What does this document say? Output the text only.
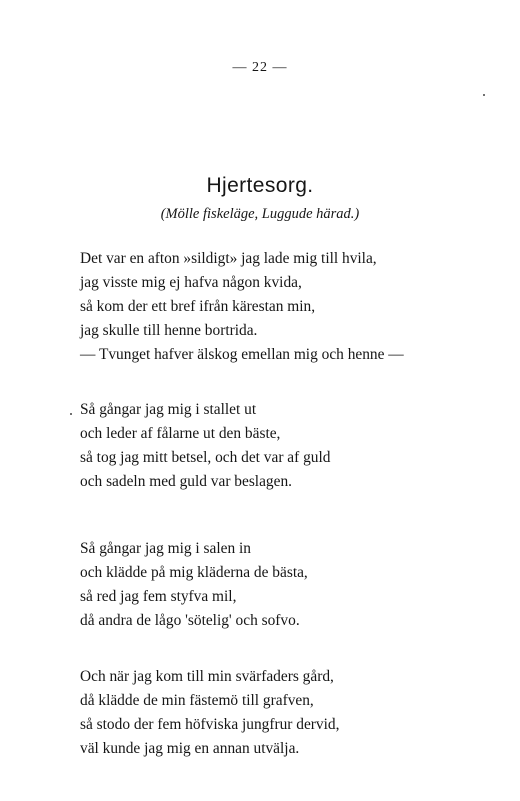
— 22 —
Hjertesorg.

(Mölle fiskeläge, Luggude härad.)

Det var en afton »sildigt» jag lade mig till hvila,
jag visste mig ej hafva någon kvida,
så kom der ett bref ifrån kärestan min,
jag skulle till henne bortrida.
— Tvunget hafver älskog emellan mig och henne —
Så gångar jag mig i stallet ut
och leder af fålarne ut den bäste,
så tog jag mitt betsel, och det var af guld
och sadeln med guld var beslagen.
Så gångar jag mig i salen in
och klädde på mig kläderna de bästa,
så red jag fem styfva mil,
då andra de lågo 'sötelig' och sofvo.
Och när jag kom till min svärfaders gård,
då klädde de min fästemö till grafven,
så stodo der fem höfviska jungfrur dervid,
väl kunde jag mig en annan utvälja.
